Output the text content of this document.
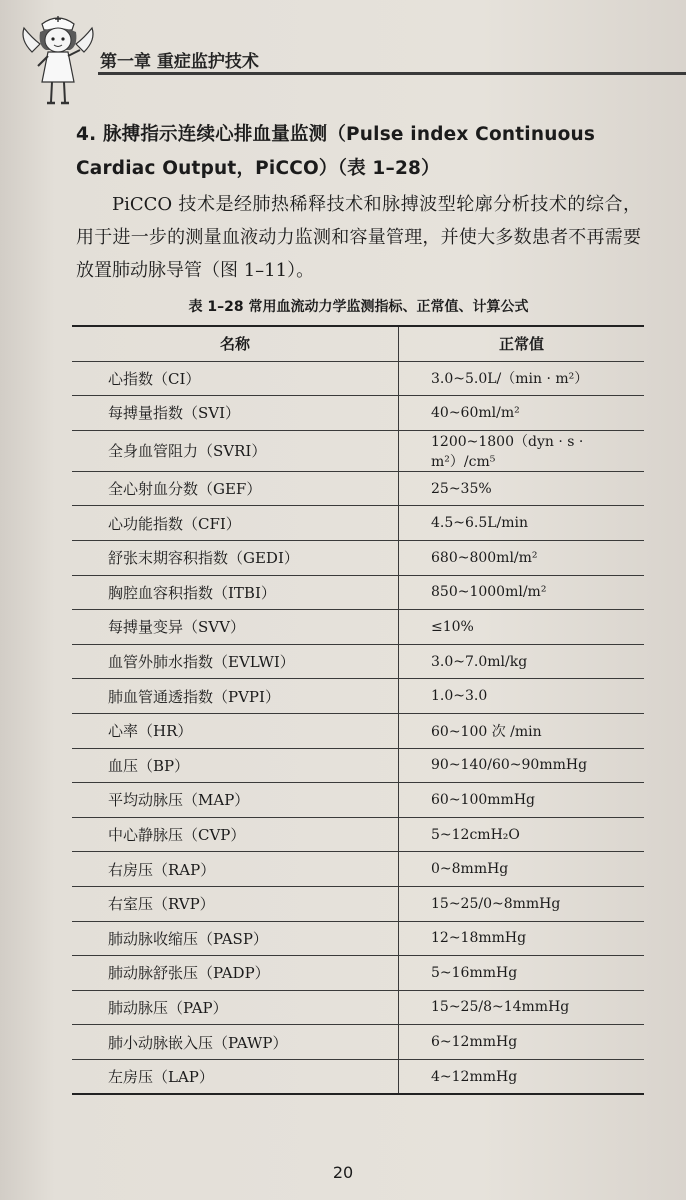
第一章 重症监护技术
4. 脉搏指示连续心排血量监测（Pulse index Continuous
Cardiac Output，PiCCO）（表 1–28）
PiCCO 技术是经肺热稀释技术和脉搏波型轮廓分析技术的综合，用于进一步的测量血液动力监测和容量管理，并使大多数患者不再需要放置肺动脉导管（图 1–11）。
表 1–28 常用血流动力学监测指标、正常值、计算公式
名称	正常值
心指数（CI）	3.0~5.0L/（min · m²）
每搏量指数（SVI）	40~60ml/m²
全身血管阻力（SVRI）	1200~1800（dyn · s · m²）/cm⁵
全心射血分数（GEF）	25~35%
心功能指数（CFI）	4.5~6.5L/min
舒张末期容积指数（GEDI）	680~800ml/m²
胸腔血容积指数（ITBI）	850~1000ml/m²
每搏量变异（SVV）	≤10%
血管外肺水指数（EVLWI）	3.0~7.0ml/kg
肺血管通透指数（PVPI）	1.0~3.0
心率（HR）	60~100 次 /min
血压（BP）	90~140/60~90mmHg
平均动脉压（MAP）	60~100mmHg
中心静脉压（CVP）	5~12cmH₂O
右房压（RAP）	0~8mmHg
右室压（RVP）	15~25/0~8mmHg
肺动脉收缩压（PASP）	12~18mmHg
肺动脉舒张压（PADP）	5~16mmHg
肺动脉压（PAP）	15~25/8~14mmHg
肺小动脉嵌入压（PAWP）	6~12mmHg
左房压（LAP）	4~12mmHg
20
